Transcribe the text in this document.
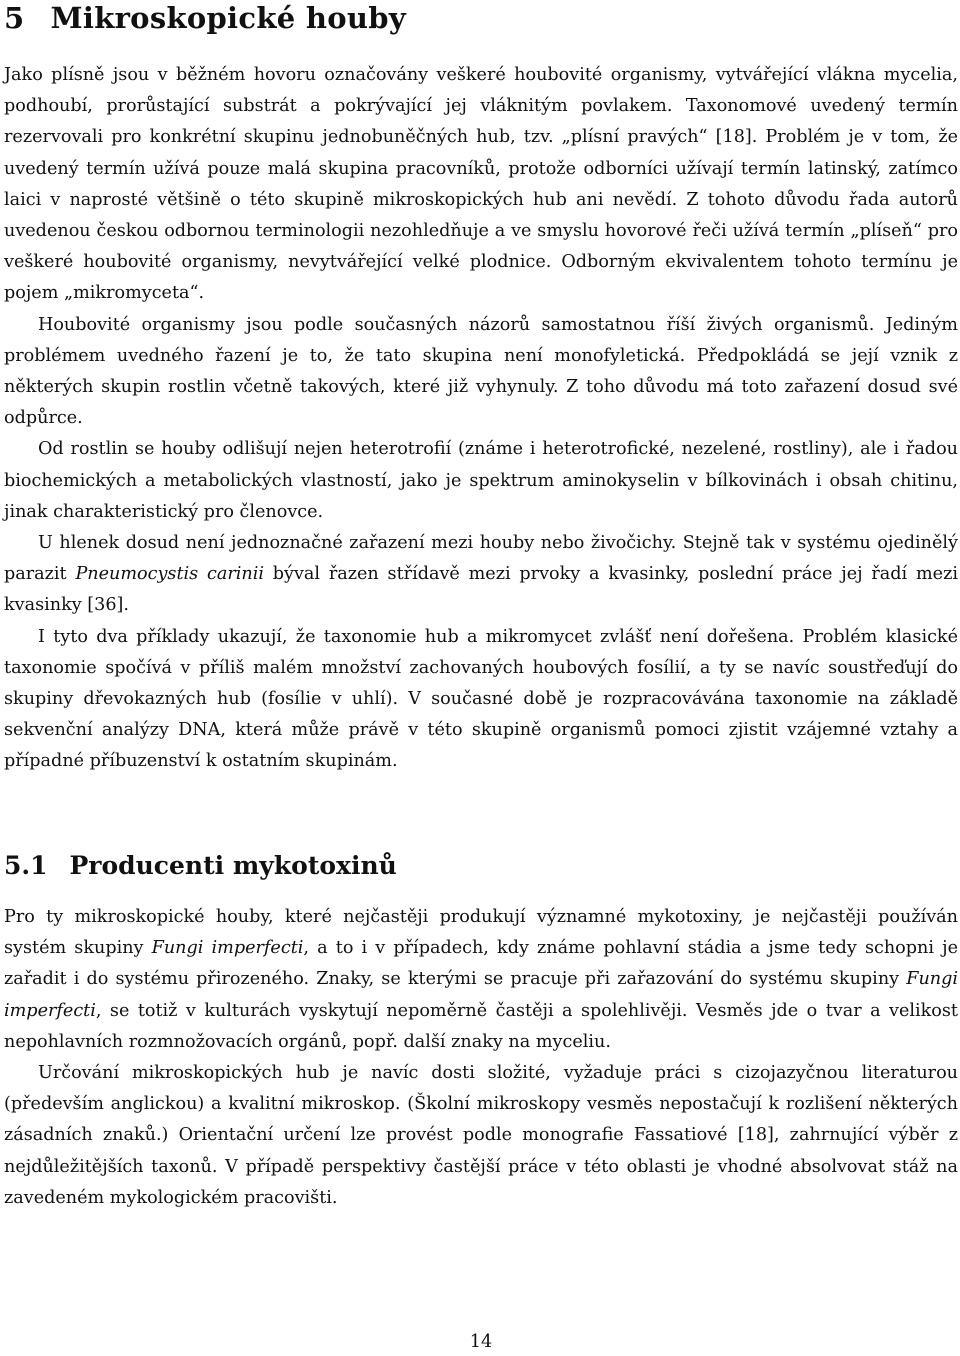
5 Mikroskopické houby

Jako plísně jsou v běžném hovoru označovány veškeré houbovité organismy, vytvářející vlákna mycelia, podhoubí, prorůstající substrát a pokrývající jej vláknitým povlakem. Taxonomové uvedený termín rezervovali pro konkrétní skupinu jednobuněčných hub, tzv. „plísní pravých“ [18]. Problém je v tom, že uvedený termín užívá pouze malá skupina pracovníků, protože odborníci užívají termín latinský, zatímco laici v naprosté většině o této skupině mikroskopických hub ani nevědí. Z tohoto důvodu řada autorů uvedenou českou odbornou terminologii nezohledňuje a ve smyslu hovorové řeči užívá termín „plíseň“ pro veškeré houbovité organismy, nevytvářející velké plodnice. Odborným ekvivalentem tohoto termínu je pojem „mikromyceta“.

Houbovité organismy jsou podle současných názorů samostatnou říší živých organismů. Jediným problémem uvedného řazení je to, že tato skupina není monofyletická. Předpokládá se její vznik z některých skupin rostlin včetně takových, které již vyhynuly. Z toho důvodu má toto zařazení dosud své odpůrce.

Od rostlin se houby odlišují nejen heterotrofií (známe i heterotrofické, nezelené, rostliny), ale i řadou biochemických a metabolických vlastností, jako je spektrum aminokyselin v bílkovinách i obsah chitinu, jinak charakteristický pro členovce.

U hlenek dosud není jednoznačné zařazení mezi houby nebo živočichy. Stejně tak v systému ojedinělý parazit Pneumocystis carinii býval řazen střídavě mezi prvoky a kvasinky, poslední práce jej řadí mezi kvasinky [36].

I tyto dva příklady ukazují, že taxonomie hub a mikromycet zvlášť není dořešena. Problém klasické taxonomie spočívá v příliš malém množství zachovaných houbových fosílií, a ty se navíc soustřeďují do skupiny dřevokazných hub (fosílie v uhlí). V současné době je rozpracovávána taxonomie na základě sekvenční analýzy DNA, která může právě v této skupině organismů pomoci zjistit vzájemné vztahy a případné příbuzenství k ostatním skupinám.

5.1 Producenti mykotoxinů

Pro ty mikroskopické houby, které nejčastěji produkují významné mykotoxiny, je nejčastěji používán systém skupiny Fungi imperfecti, a to i v případech, kdy známe pohlavní stádia a jsme tedy schopni je zařadit i do systému přirozeného. Znaky, se kterými se pracuje při zařazování do systému skupiny Fungi imperfecti, se totiž v kulturách vyskytují nepoměrně častěji a spolehlivěji. Vesměs jde o tvar a velikost nepohlavních rozmnožovacích orgánů, popř. další znaky na myceliu.

Určování mikroskopických hub je navíc dosti složité, vyžaduje práci s cizojazyčnou literaturou (především anglickou) a kvalitní mikroskop. (Školní mikroskopy vesměs nepostačují k rozlišení některých zásadních znaků.) Orientační určení lze provést podle monografie Fassatiové [18], zahrnující výběr z nejdůležitějších taxonů. V případě perspektivy častější práce v této oblasti je vhodné absolvovat stáž na zavedeném mykologickém pracovišti.

14
